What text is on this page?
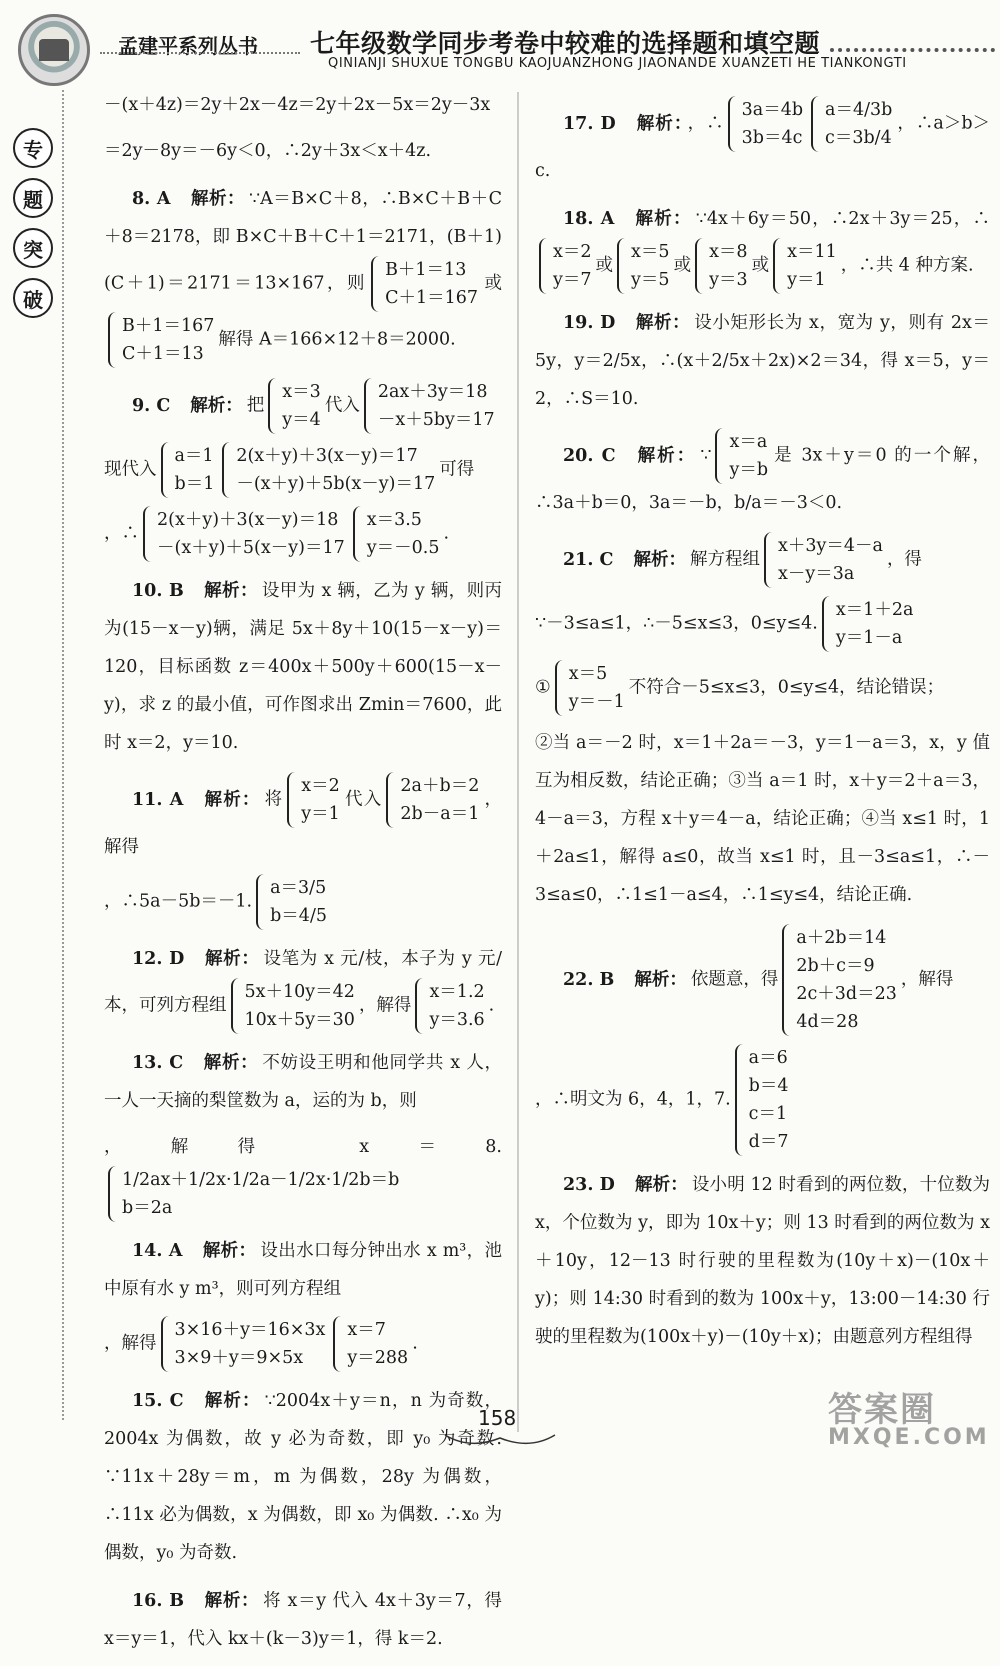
孟建平系列丛书 七年级数学同步考卷中较难的选择题和填空题
QINIANJI SHUXUE TONGBU KAOJUANZHONG JIAONANDE XUANZETI HE TIANKONGTI
专
题
突
破
－(x＋4z)＝2y＋2x－4z＝2y＋2x－5x＝2y－3x
＝2y－8y＝－6y＜0，∴2y＋3x＜x＋4z.
8. A 解析： ∵A＝B×C＋8，∴B×C＋B＋C＋8＝2178，即 B×C＋B＋C＋1＝2171，(B＋1)(C＋1)＝2171＝13×167，则
B＋1＝13
C＋1＝167
或
B＋1＝167
C＋1＝13
解得 A＝166×12＋8＝2000.
9. C 解析： 把
x＝3
y＝4
代入
2ax＋3y＝18
－x＋5by＝17
现代入
a＝1
b＝1
2(x＋y)＋3(x－y)＝17
－(x＋y)＋5b(x－y)＝17
可得
，∴
2(x＋y)＋3(x－y)＝18
－(x＋y)＋5(x－y)＝17
x＝3.5
y＝－0.5
.
10. B 解析： 设甲为 x 辆，乙为 y 辆，则丙为(15－x－y)辆，满足 5x＋8y＋10(15－x－y)＝120，目标函数 z＝400x＋500y＋600(15－x－y)，求 z 的最小值，可作图求出 Zmin＝7600，此时 x＝2，y＝10.
11. A 解析： 将
x＝2
y＝1
代入
2a＋b＝2
2b－a＝1
，解得
，∴5a－5b＝－1.
a＝3/5
b＝4/5
12. D 解析： 设笔为 x 元/枝，本子为 y 元/本，可列方程组
5x＋10y＝42
10x＋5y＝30
，解得
x＝1.2
y＝3.6
.
13. C 解析： 不妨设王明和他同学共 x 人，一人一天摘的梨筐数为 a，运的为 b，则
，解得 x＝8.
1/2ax＋1/2x·1/2a－1/2x·1/2b＝b
b＝2a
14. A 解析： 设出水口每分钟出水 x m³，池中原有水 y m³，则可列方程组
，解得
3×16＋y＝16×3x
3×9＋y＝9×5x
x＝7
y＝288
.
15. C 解析： ∵2004x＋y＝n，n 为奇数，2004x 为偶数，故 y 必为奇数，即 y₀ 为奇数. ∵11x＋28y＝m，m 为偶数，28y 为偶数，∴11x 必为偶数，x 为偶数，即 x₀ 为偶数. ∴x₀ 为偶数，y₀ 为奇数.
16. B 解析： 将 x＝y 代入 4x＋3y＝7，得 x＝y＝1，代入 kx＋(k－3)y＝1，得 k＝2.
17. D 解析： ，∴
3a＝4b
3b＝4c
a＝4/3b
c＝3b/4
，∴a＞b＞c.
18. A 解析： ∵4x＋6y＝50，∴2x＋3y＝25，∴
x＝2
y＝7
或
x＝5
y＝5
或
x＝8
y＝3
或
x＝11
y＝1
，∴共 4 种方案.
19. D 解析： 设小矩形长为 x，宽为 y，则有 2x＝5y，y＝2/5x，∴(x＋2/5x＋2x)×2＝34，得 x＝5，y＝2，∴S＝10.
20. C 解析： ∵
x＝a
y＝b
是 3x＋y＝0 的一个解，∴3a＋b＝0，3a＝－b，b/a＝－3＜0.
21. C 解析： 解方程组
x＋3y＝4－a
x－y＝3a
，得
∵－3≤a≤1，∴－5≤x≤3，0≤y≤4.
x＝1＋2a
y＝1－a
①
x＝5
y＝－1
不符合－5≤x≤3，0≤y≤4，结论错误；
②当 a＝－2 时，x＝1＋2a＝－3，y＝1－a＝3，x，y 值互为相反数，结论正确；③当 a＝1 时，x＋y＝2＋a＝3，4－a＝3，方程 x＋y＝4－a，结论正确；④当 x≤1 时，1＋2a≤1，解得 a≤0，故当 x≤1 时，且－3≤a≤1，∴－3≤a≤0，∴1≤1－a≤4，∴1≤y≤4，结论正确.
22. B 解析： 依题意，得
a＋2b＝14
2b＋c＝9
2c＋3d＝23
4d＝28
，解得
，∴明文为 6，4，1，7.
a＝6
b＝4
c＝1
d＝7
23. D 解析： 设小明 12 时看到的两位数，十位数为 x，个位数为 y，即为 10x＋y；则 13 时看到的两位数为 x＋10y，12－13 时行驶的里程数为(10y＋x)－(10x＋y)；则 14:30 时看到的数为 100x＋y，13:00－14:30 行驶的里程数为(100x＋y)－(10y＋x)；由题意列方程组得
158	答案圈
MXQE.COM
